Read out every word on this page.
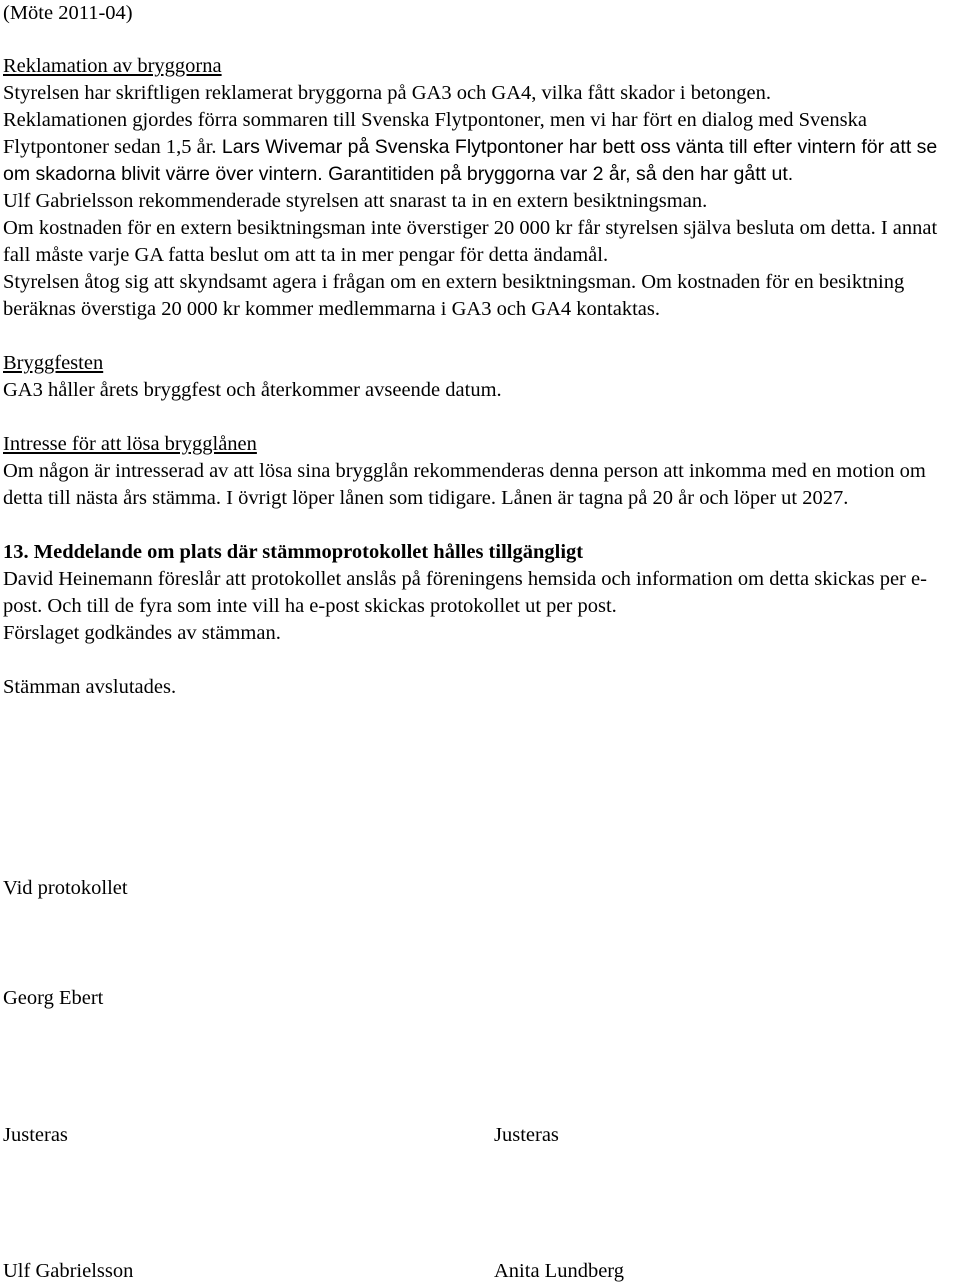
(Möte 2011-04)
Reklamation av bryggorna
Styrelsen har skriftligen reklamerat bryggorna på GA3 och GA4, vilka fått skador i betongen.
Reklamationen gjordes förra sommaren till Svenska Flytpontoner, men vi har fört en dialog med Svenska Flytpontoner sedan 1,5 år. Lars Wivemar på Svenska Flytpontoner har bett oss vänta till efter vintern för att se om skadorna blivit värre över vintern. Garantitiden på bryggorna var 2 år, så den har gått ut.
Ulf Gabrielsson rekommenderade styrelsen att snarast ta in en extern besiktningsman.
Om kostnaden för en extern besiktningsman inte överstiger 20 000 kr får styrelsen själva besluta om detta. I annat fall måste varje GA fatta beslut om att ta in mer pengar för detta ändamål.
Styrelsen åtog sig att skyndsamt agera i frågan om en extern besiktningsman. Om kostnaden för en besiktning beräknas överstiga 20 000 kr kommer medlemmarna i GA3 och GA4 kontaktas.
Bryggfesten
GA3 håller årets bryggfest och återkommer avseende datum.
Intresse för att lösa brygglånen
Om någon är intresserad av att lösa sina brygglån rekommenderas denna person att inkomma med en motion om detta till nästa års stämma. I övrigt löper lånen som tidigare. Lånen är tagna på 20 år och löper ut 2027.
13. Meddelande om plats där stämmoprotokollet hålles tillgängligt
David Heinemann föreslår att protokollet anslås på föreningens hemsida och information om detta skickas per e-post. Och till de fyra som inte vill ha e-post skickas protokollet ut per post.
Förslaget godkändes av stämman.
Stämman avslutades.
Vid protokollet
Georg Ebert
Justeras	Justeras
Ulf Gabrielsson	Anita Lundberg
